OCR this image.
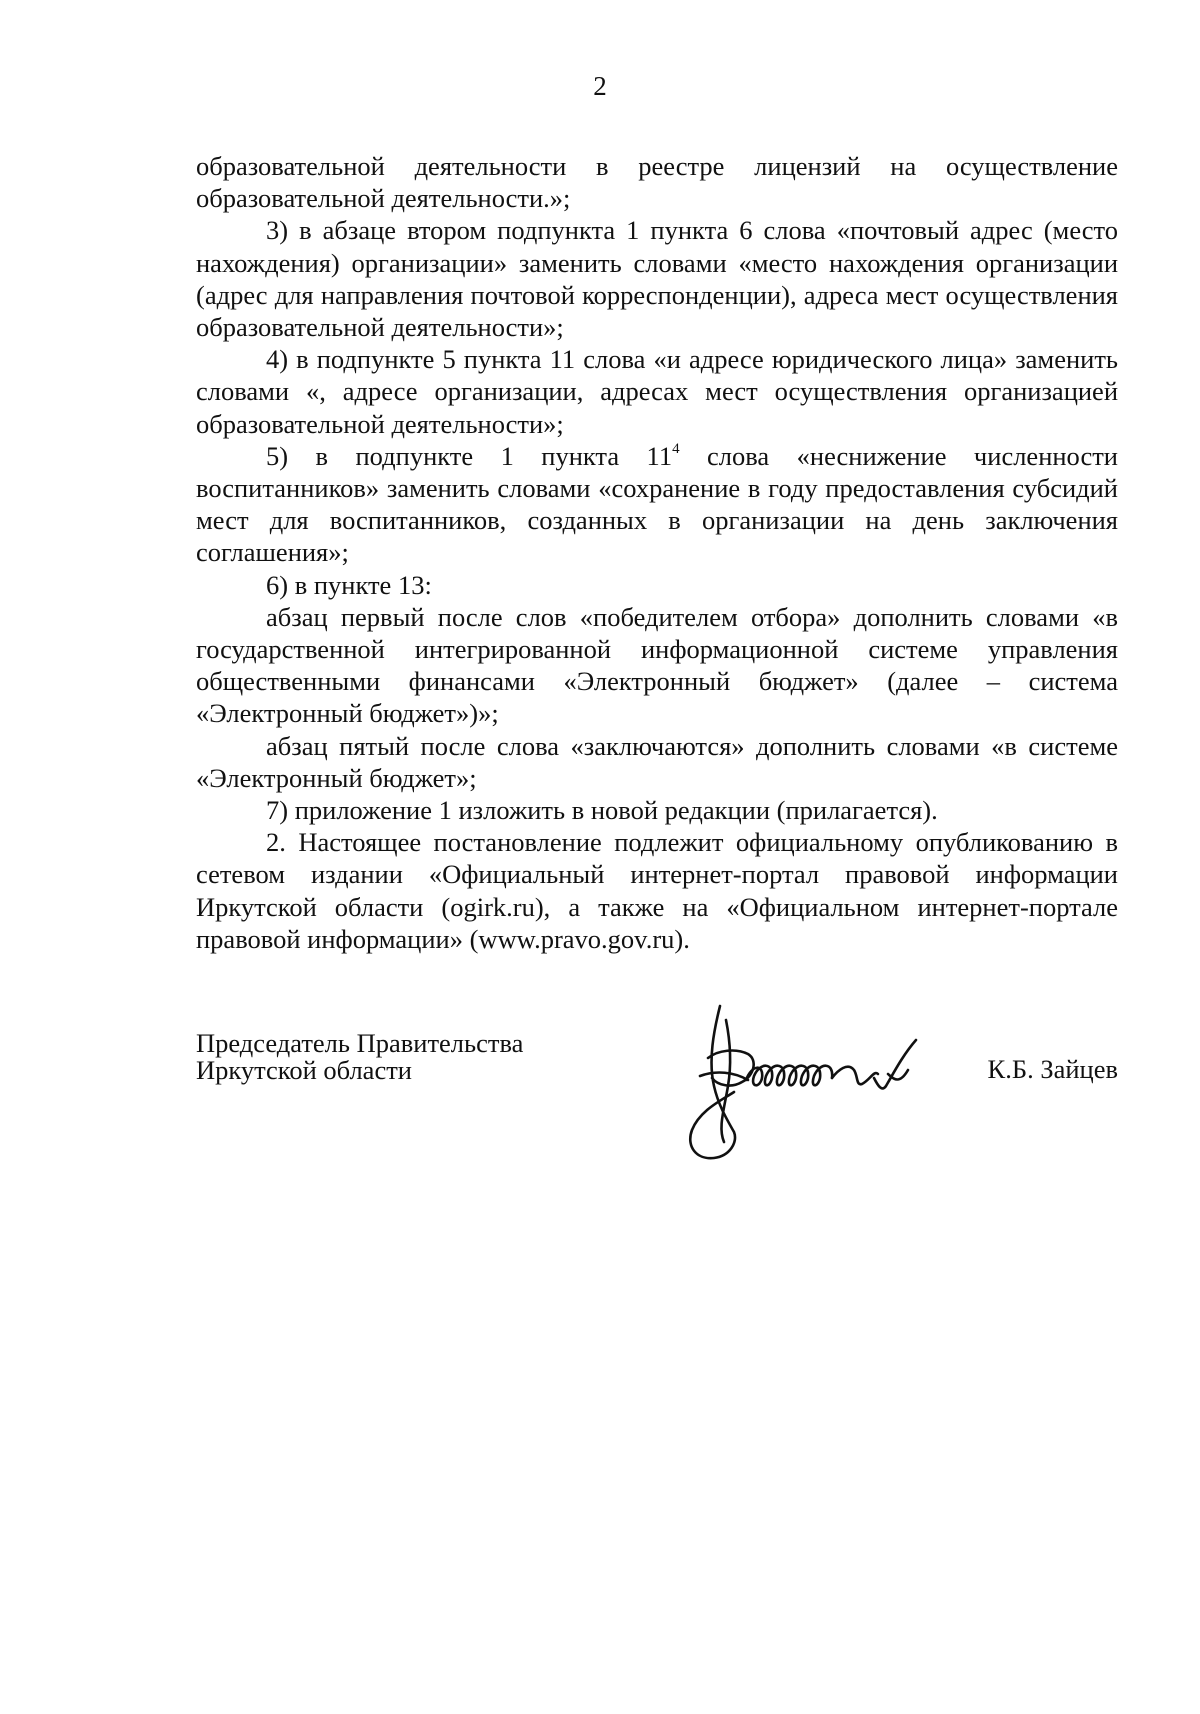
2

образовательной деятельности в реестре лицензий на осуществление образовательной деятельности.»;

3) в абзаце втором подпункта 1 пункта 6 слова «почтовый адрес (место нахождения) организации» заменить словами «место нахождения организации (адрес для направления почтовой корреспонденции), адреса мест осуществления образовательной деятельности»;

4) в подпункте 5 пункта 11 слова «и адресе юридического лица» заменить словами «, адресе организации, адресах мест осуществления организацией образовательной деятельности»;

5) в подпункте 1 пункта $11^4$ слова «неснижение численности воспитанников» заменить словами «сохранение в году предоставления субсидий мест для воспитанников, созданных в организации на день заключения соглашения»;

6) в пункте 13:

абзац первый после слов «победителем отбора» дополнить словами «в государственной интегрированной информационной системе управления общественными финансами «Электронный бюджет» (далее – система «Электронный бюджет»)»;

абзац пятый после слова «заключаются» дополнить словами «в системе «Электронный бюджет»;

7) приложение 1 изложить в новой редакции (прилагается).

2. Настоящее постановление подлежит официальному опубликованию в сетевом издании «Официальный интернет-портал правовой информации Иркутской области (ogirk.ru), а также на «Официальном интернет-портале правовой информации» (www.pravo.gov.ru).

Председатель Правительства
Иркутской области	К.Б. Зайцев
